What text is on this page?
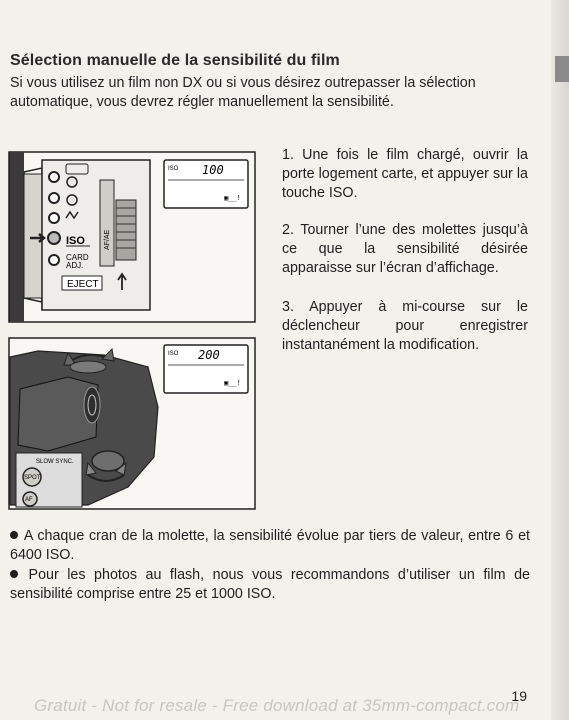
Sélection manuelle de la sensibilité du film
Si vous utilisez un film non DX ou si vous désirez outrepasser la sélection automatique, vous devrez régler manuellement la sensibilité.
ISO
CARD
ADJ.
EJECT
AF/AE
ISO 100
▣__!
SLOW SYNC.
SPOT
AF
ISO 200
▣__!
1. Une fois le film chargé, ouvrir la porte logement carte, et appuyer sur la touche ISO.
2. Tourner l’une des molettes jusqu’à ce que la sensibilité désirée apparaisse sur l’écran d’affichage.
3. Appuyer à mi-course sur le déclencheur pour enregistrer instantanément la modification.
A chaque cran de la molette, la sensibilité évolue par tiers de valeur, entre 6 et 6400 ISO.
Pour les photos au flash, nous vous recommandons d’utiliser un film de sensibilité comprise entre 25 et 1000 ISO.
19
Gratuit - Not for resale - Free download at 35mm-compact.com
